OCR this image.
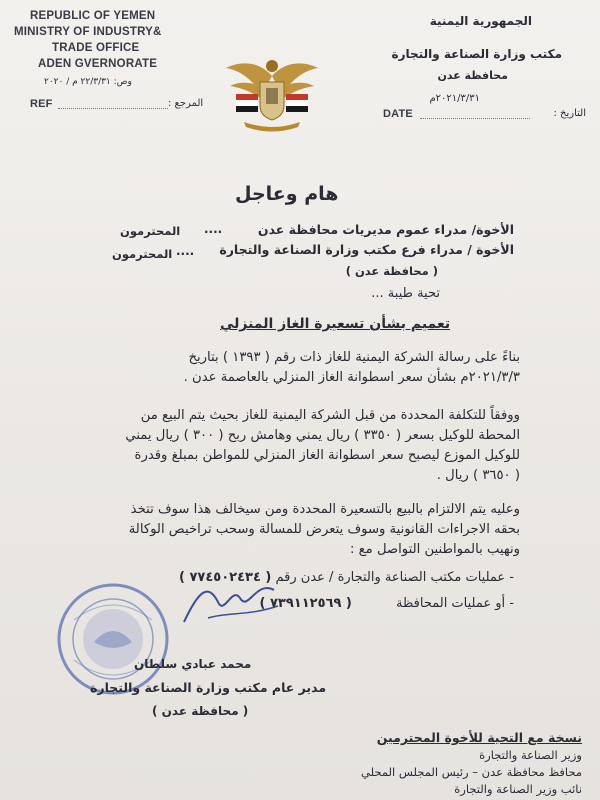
REPUBLIC OF YEMEN
MINISTRY OF INDUSTRY&
TRADE OFFICE
ADEN GVERNORATE
وص: ٢٢/٣/٣١ م / ٢٠٢٠
REF	المرجع :
الجمهورية اليمنية
مكتب وزارة الصناعة والتجارة
محافظة عدن
٢٠٢١/٣/٣١م
DATE	التاريخ :
هام وعاجل
الأخوة/ مدراء عموم مديريات محافظة عدن
....
المحترمون
الأخوة / مدراء فرع مكتب وزارة الصناعة والتجارة
....
المحترمون
( محافظة عدن )
تحية طيبة ...
تعميم بشأن تسعيرة الغاز المنزلي
بناءً على رسالة الشركة اليمنية للغاز ذات رقم ( ١٣٩٣ ) بتاريخ
٢٠٢١/٣/٣م بشأن سعر اسطوانة الغاز المنزلي بالعاصمة عدن .
ووفقاً للتكلفة المحددة من قبل الشركة اليمنية للغاز بحيث يتم البيع من
المحطة للوكيل بسعر ( ٣٣٥٠ ) ريال يمني وهامش ربح ( ٣٠٠ ) ريال يمني
للوكيل الموزع ليصبح سعر اسطوانة الغاز المنزلي للمواطن بمبلغ وقدرة
( ٣٦٥٠ ) ريال .
وعليه يتم الالتزام بالبيع بالتسعيرة المحددة ومن سيخالف هذا سوف تتخذ
بحقه الاجراءات القانونية وسوف يتعرض للمسالة وسحب تراخيص الوكالة
ونهيب بالمواطنين التواصل مع :
- عمليات مكتب الصناعة والتجارة / عدن رقم ( ٧٧٤٥٠٢٤٣٤ )
- أو عمليات المحافظة ( ٧٣٩١١٢٥٦٩ )
محمد عبادي سلطان
مدير عام مكتب وزارة الصناعة والتجارة
( محافظة عدن )
نسخة مع التحية للأخوة المحترمين
وزير الصناعة والتجارة
محافظ محافظة عدن – رئيس المجلس المحلي
نائب وزير الصناعة والتجارة
